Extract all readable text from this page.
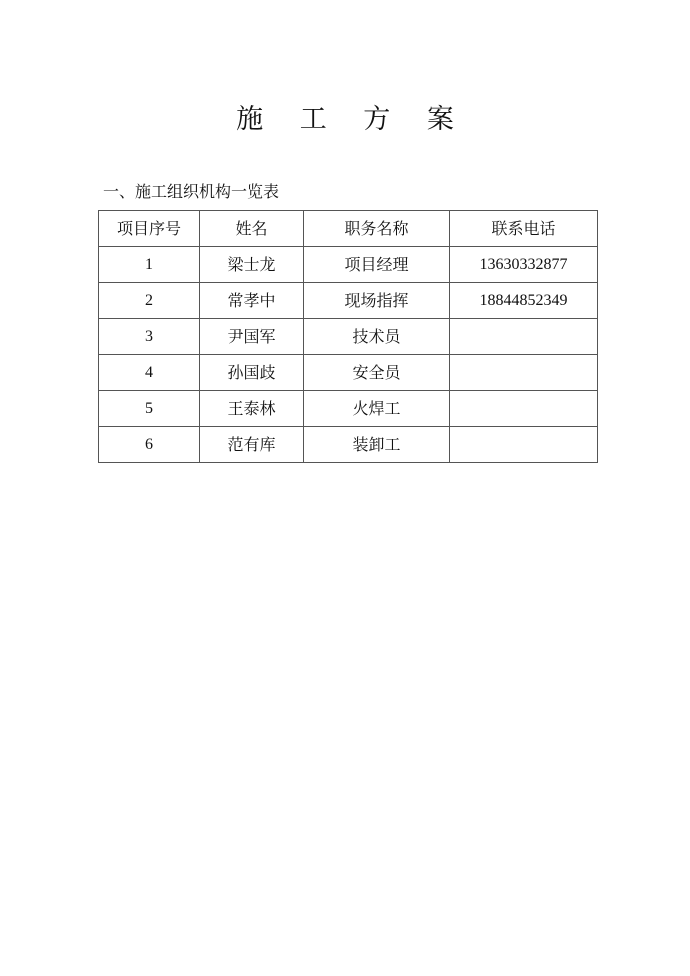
施 工 方 案
一、施工组织机构一览表
项目序号	姓名	职务名称	联系电话
1	梁士龙	项目经理	13630332877
2	常孝中	现场指挥	18844852349
3	尹国军	技术员	
4	孙国歧	安全员	
5	王泰林	火焊工	
6	范有库	装卸工	
